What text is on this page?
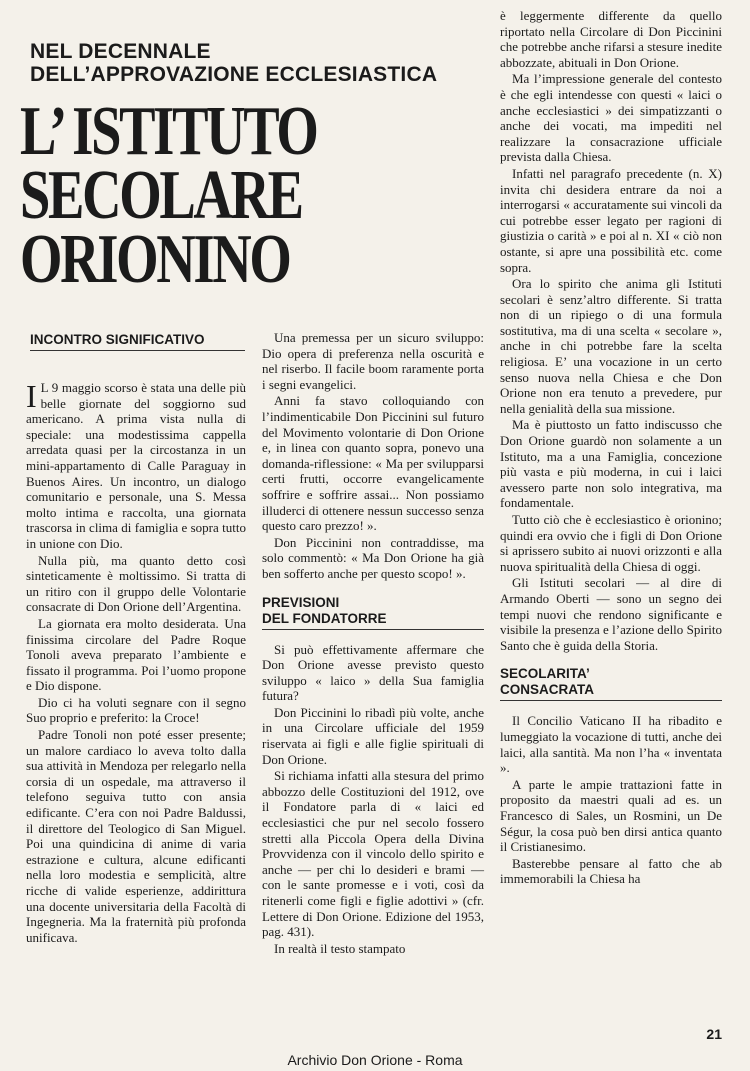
NEL DECENNALE
DELL’APPROVAZIONE ECCLESIASTICA
L’ ISTITUTO
SECOLARE
ORIONINO
INCONTRO SIGNIFICATIVO

I L 9 maggio scorso è stata una delle più belle giornate del soggiorno sud americano. A prima vista nulla di speciale: una modestissima cappella arredata quasi per la circostanza in un mini-appartamento di Calle Paraguay in Buenos Aires. Un incontro, un dialogo comunitario e personale, una S. Messa molto intima e raccolta, una giornata trascorsa in clima di famiglia e sopra tutto in unione con Dio.

Nulla più, ma quanto detto così sinteticamente è moltissimo. Si tratta di un ritiro con il gruppo delle Volontarie consacrate di Don Orione dell’Argentina.

La giornata era molto desiderata. Una finissima circolare del Padre Roque Tonoli aveva preparato l’ambiente e fissato il programma. Poi l’uomo propone e Dio dispone.

Dio ci ha voluti segnare con il segno Suo proprio e preferito: la Croce!

Padre Tonoli non poté esser presente; un malore cardiaco lo aveva tolto dalla sua attività in Mendoza per relegarlo nella corsia di un ospedale, ma attraverso il telefono seguiva tutto con ansia edificante. C’era con noi Padre Baldussi, il direttore del Teologico di San Miguel. Poi una quindicina di anime di varia estrazione e cultura, alcune edificanti nella loro modestia e semplicità, altre ricche di valide esperienze, addirittura una docente universitaria della Facoltà di Ingegneria. Ma la fraternità più profonda unificava.

Una premessa per un sicuro sviluppo: Dio opera di preferenza nella oscurità e nel riserbo. Il facile boom raramente porta i segni evangelici.

Anni fa stavo colloquiando con l’indimenticabile Don Piccinini sul futuro del Movimento volontarie di Don Orione e, in linea con quanto sopra, ponevo una domanda-riflessione: « Ma per svilupparsi certi frutti, occorre evangelicamente soffrire e soffrire assai... Non possiamo illuderci di ottenere nessun successo senza questo caro prezzo! ».

Don Piccinini non contraddisse, ma solo commentò: « Ma Don Orione ha già ben sofferto anche per questo scopo! ».

PREVISIONI
DEL FONDATORRE

Si può effettivamente affermare che Don Orione avesse previsto questo sviluppo « laico » della Sua famiglia futura?

Don Piccinini lo ribadì più volte, anche in una Circolare ufficiale del 1959 riservata ai figli e alle figlie spirituali di Don Orione.

Si richiama infatti alla stesura del primo abbozzo delle Costituzioni del 1912, ove il Fondatore parla di « laici ed ecclesiastici che pur nel secolo fossero stretti alla Piccola Opera della Divina Provvidenza con il vincolo dello spirito e anche — per chi lo desideri e brami — con le sante promesse e i voti, così da ritenerli come figli e figlie adottivi » (cfr. Lettere di Don Orione. Edizione del 1953, pag. 431).

In realtà il testo stampato

è leggermente differente da quello riportato nella Circolare di Don Piccinini che potrebbe anche rifarsi a stesure inedite abbozzate, abituali in Don Orione.

Ma l’impressione generale del contesto è che egli intendesse con questi « laici o anche ecclesiastici » dei simpatizzanti o anche dei vocati, ma impediti nel realizzare la consacrazione ufficiale prevista dalla Chiesa.

Infatti nel paragrafo precedente (n. X) invita chi desidera entrare da noi a interrogarsi « accuratamente sui vincoli da cui potrebbe esser legato per ragioni di giustizia o carità » e poi al n. XI « ciò non ostante, si apre una possibilità etc. come sopra.

Ora lo spirito che anima gli Istituti secolari è senz’altro differente. Si tratta non di un ripiego o di una formula sostitutiva, ma di una scelta « secolare », anche in chi potrebbe fare la scelta religiosa. E’ una vocazione in un certo senso nuova nella Chiesa e che Don Orione non era tenuto a prevedere, pur nella genialità della sua missione.

Ma è piuttosto un fatto indiscusso che Don Orione guardò non solamente a un Istituto, ma a una Famiglia, concezione più vasta e più moderna, in cui i laici avessero parte non solo integrativa, ma fondamentale.

Tutto ciò che è ecclesiastico è orionino; quindi era ovvio che i figli di Don Orione si aprissero subito ai nuovi orizzonti e alla nuova spiritualità della Chiesa di oggi.

Gli Istituti secolari — al dire di Armando Oberti — sono un segno dei tempi nuovi che rendono significante e visibile la presenza e l’azione dello Spirito Santo che è guida della Storia.

SECOLARITA’
CONSACRATA

Il Concilio Vaticano II ha ribadito e lumeggiato la vocazione di tutti, anche dei laici, alla santità. Ma non l’ha « inventata ».

A parte le ampie trattazioni fatte in proposito da maestri quali ad es. un Francesco di Sales, un Rosmini, un De Ségur, la cosa può ben dirsi antica quanto il Cristianesimo.

Basterebbe pensare al fatto che ab immemorabili la Chiesa ha

21
Archivio Don Orione - Roma
